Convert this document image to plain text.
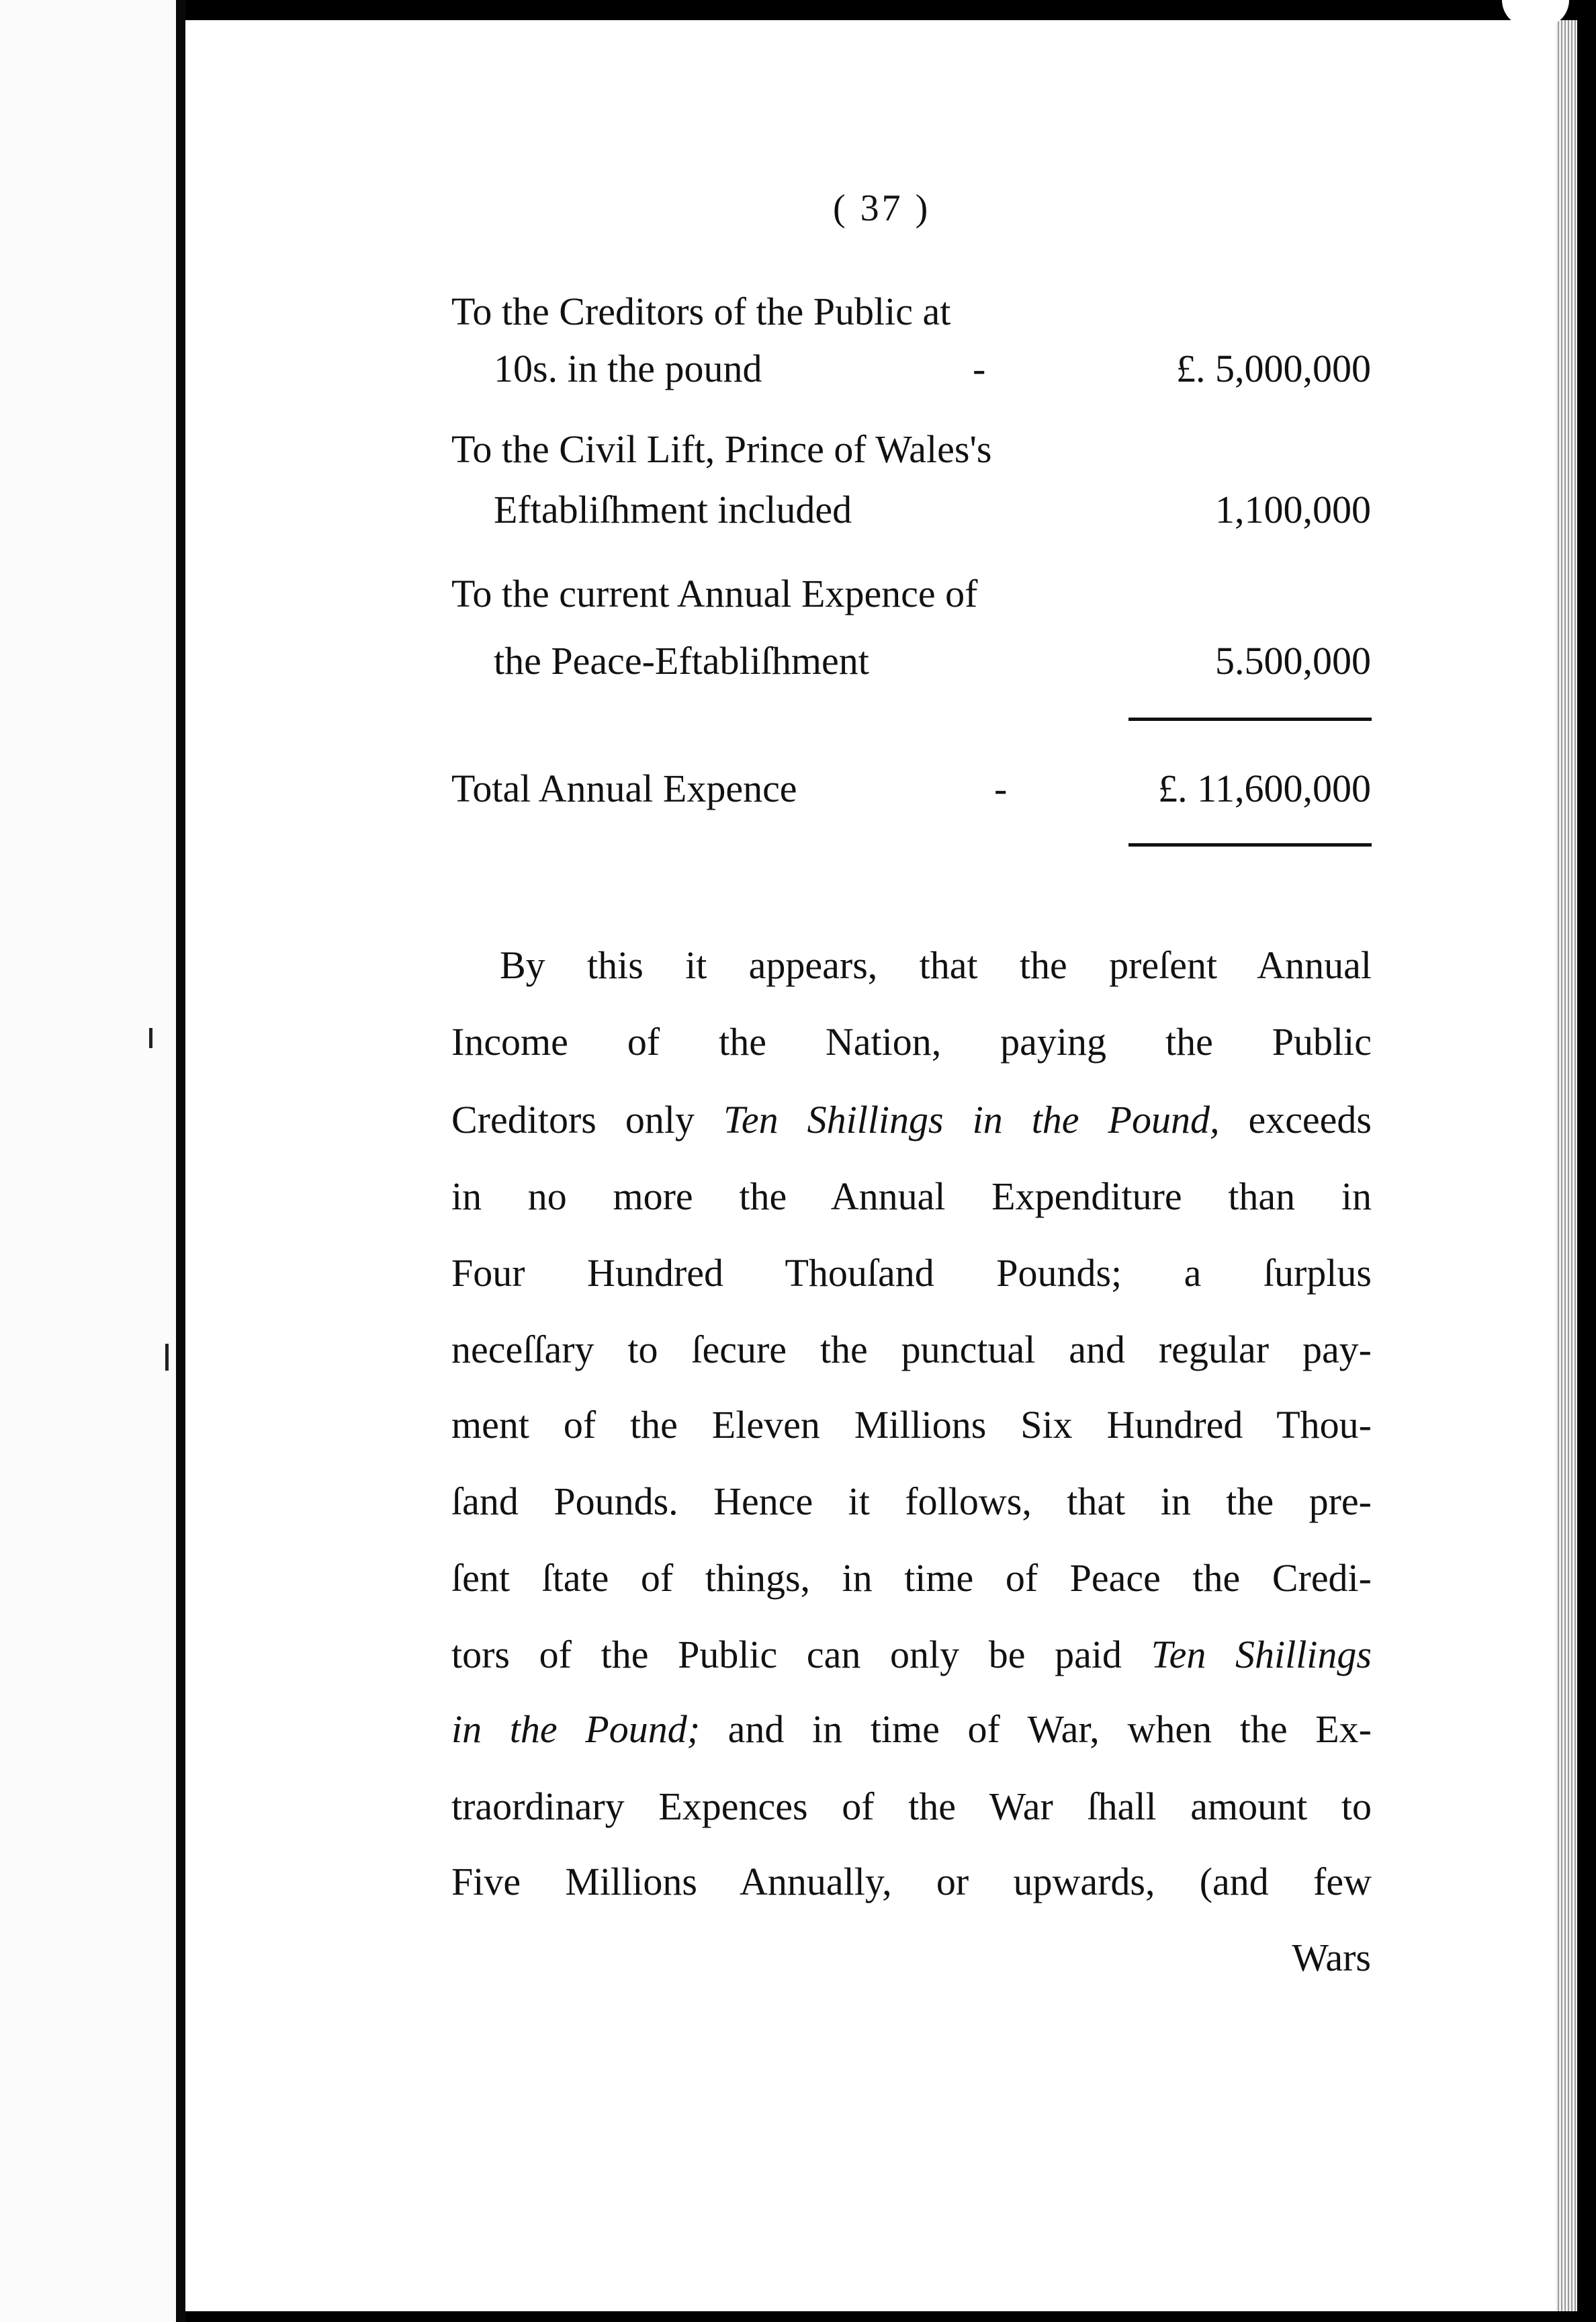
( 37 )
To the Creditors of the Public at
10s. in the pound	-	£. 5,000,000
To the Civil Lift, Prince of Wales's
Eftabliſhment included	1,100,000
To the current Annual Expence of
the Peace-Eftabliſhment	5.500,000
Total Annual Expence	-	£. 11,600,000
By this it appears, that the preſent Annual
Income of the Nation, paying the Public
Creditors only Ten Shillings in the Pound, exceeds
in no more the Annual Expenditure than in
Four Hundred Thouſand Pounds; a ſurplus
neceſſary to ſecure the punctual and regular pay-
ment of the Eleven Millions Six Hundred Thou-
ſand Pounds. Hence it follows, that in the pre-
ſent ſtate of things, in time of Peace the Credi-
tors of the Public can only be paid Ten Shillings
in the Pound; and in time of War, when the Ex-
traordinary Expences of the War ſhall amount to
Five Millions Annually, or upwards, (and few
Wars
